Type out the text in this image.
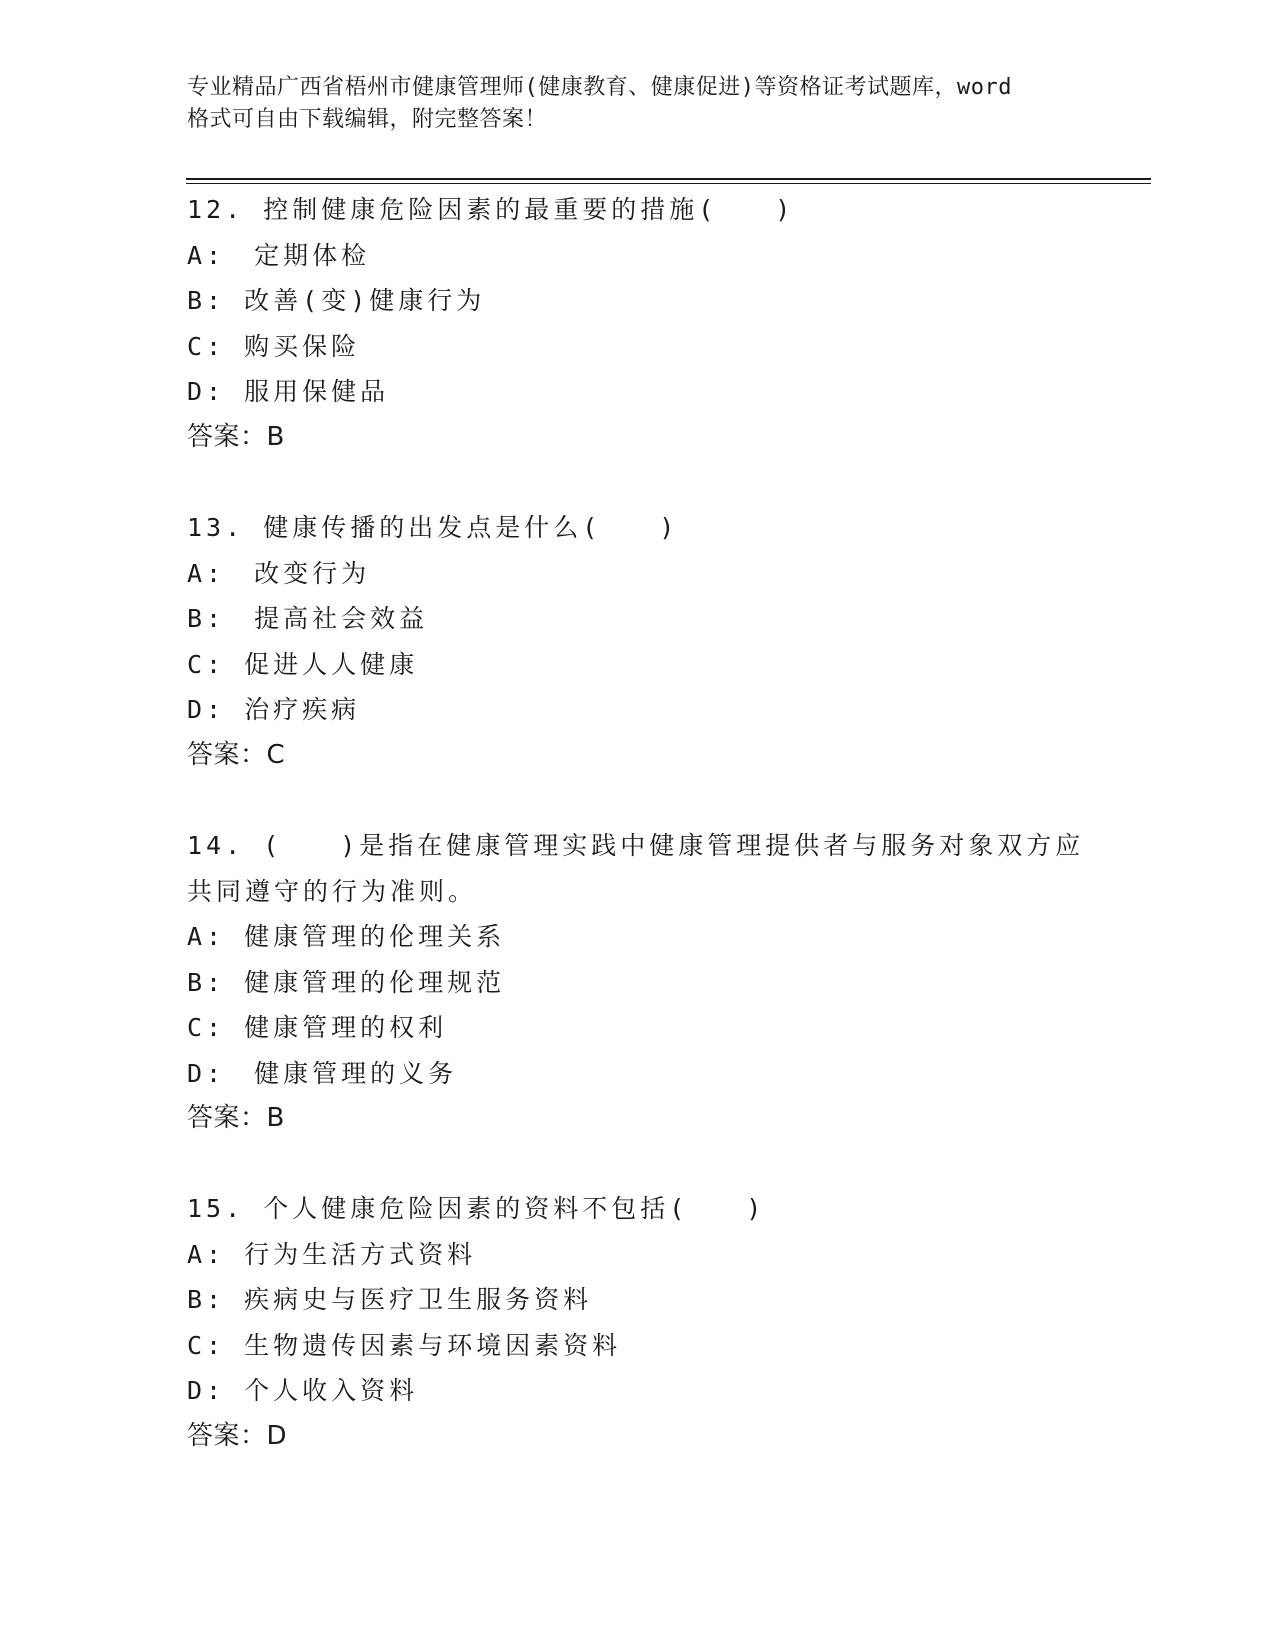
专业精品广西省梧州市健康管理师(健康教育、健康促进)等资格证考试题库，word
格式可自由下载编辑，附完整答案！
12. 控制健康危险因素的最重要的措施(　　)
A:　定期体检
B: 改善(变)健康行为
C: 购买保险
D: 服用保健品
答案：B
13. 健康传播的出发点是什么(　　)
A:　改变行为
B:　提高社会效益
C: 促进人人健康
D: 治疗疾病
答案：C
14. (　　)是指在健康管理实践中健康管理提供者与服务对象双方应
共同遵守的行为准则。
A: 健康管理的伦理关系
B: 健康管理的伦理规范
C: 健康管理的权利
D:　健康管理的义务
答案：B
15. 个人健康危险因素的资料不包括(　　)
A: 行为生活方式资料
B: 疾病史与医疗卫生服务资料
C: 生物遗传因素与环境因素资料
D: 个人收入资料
答案：D
